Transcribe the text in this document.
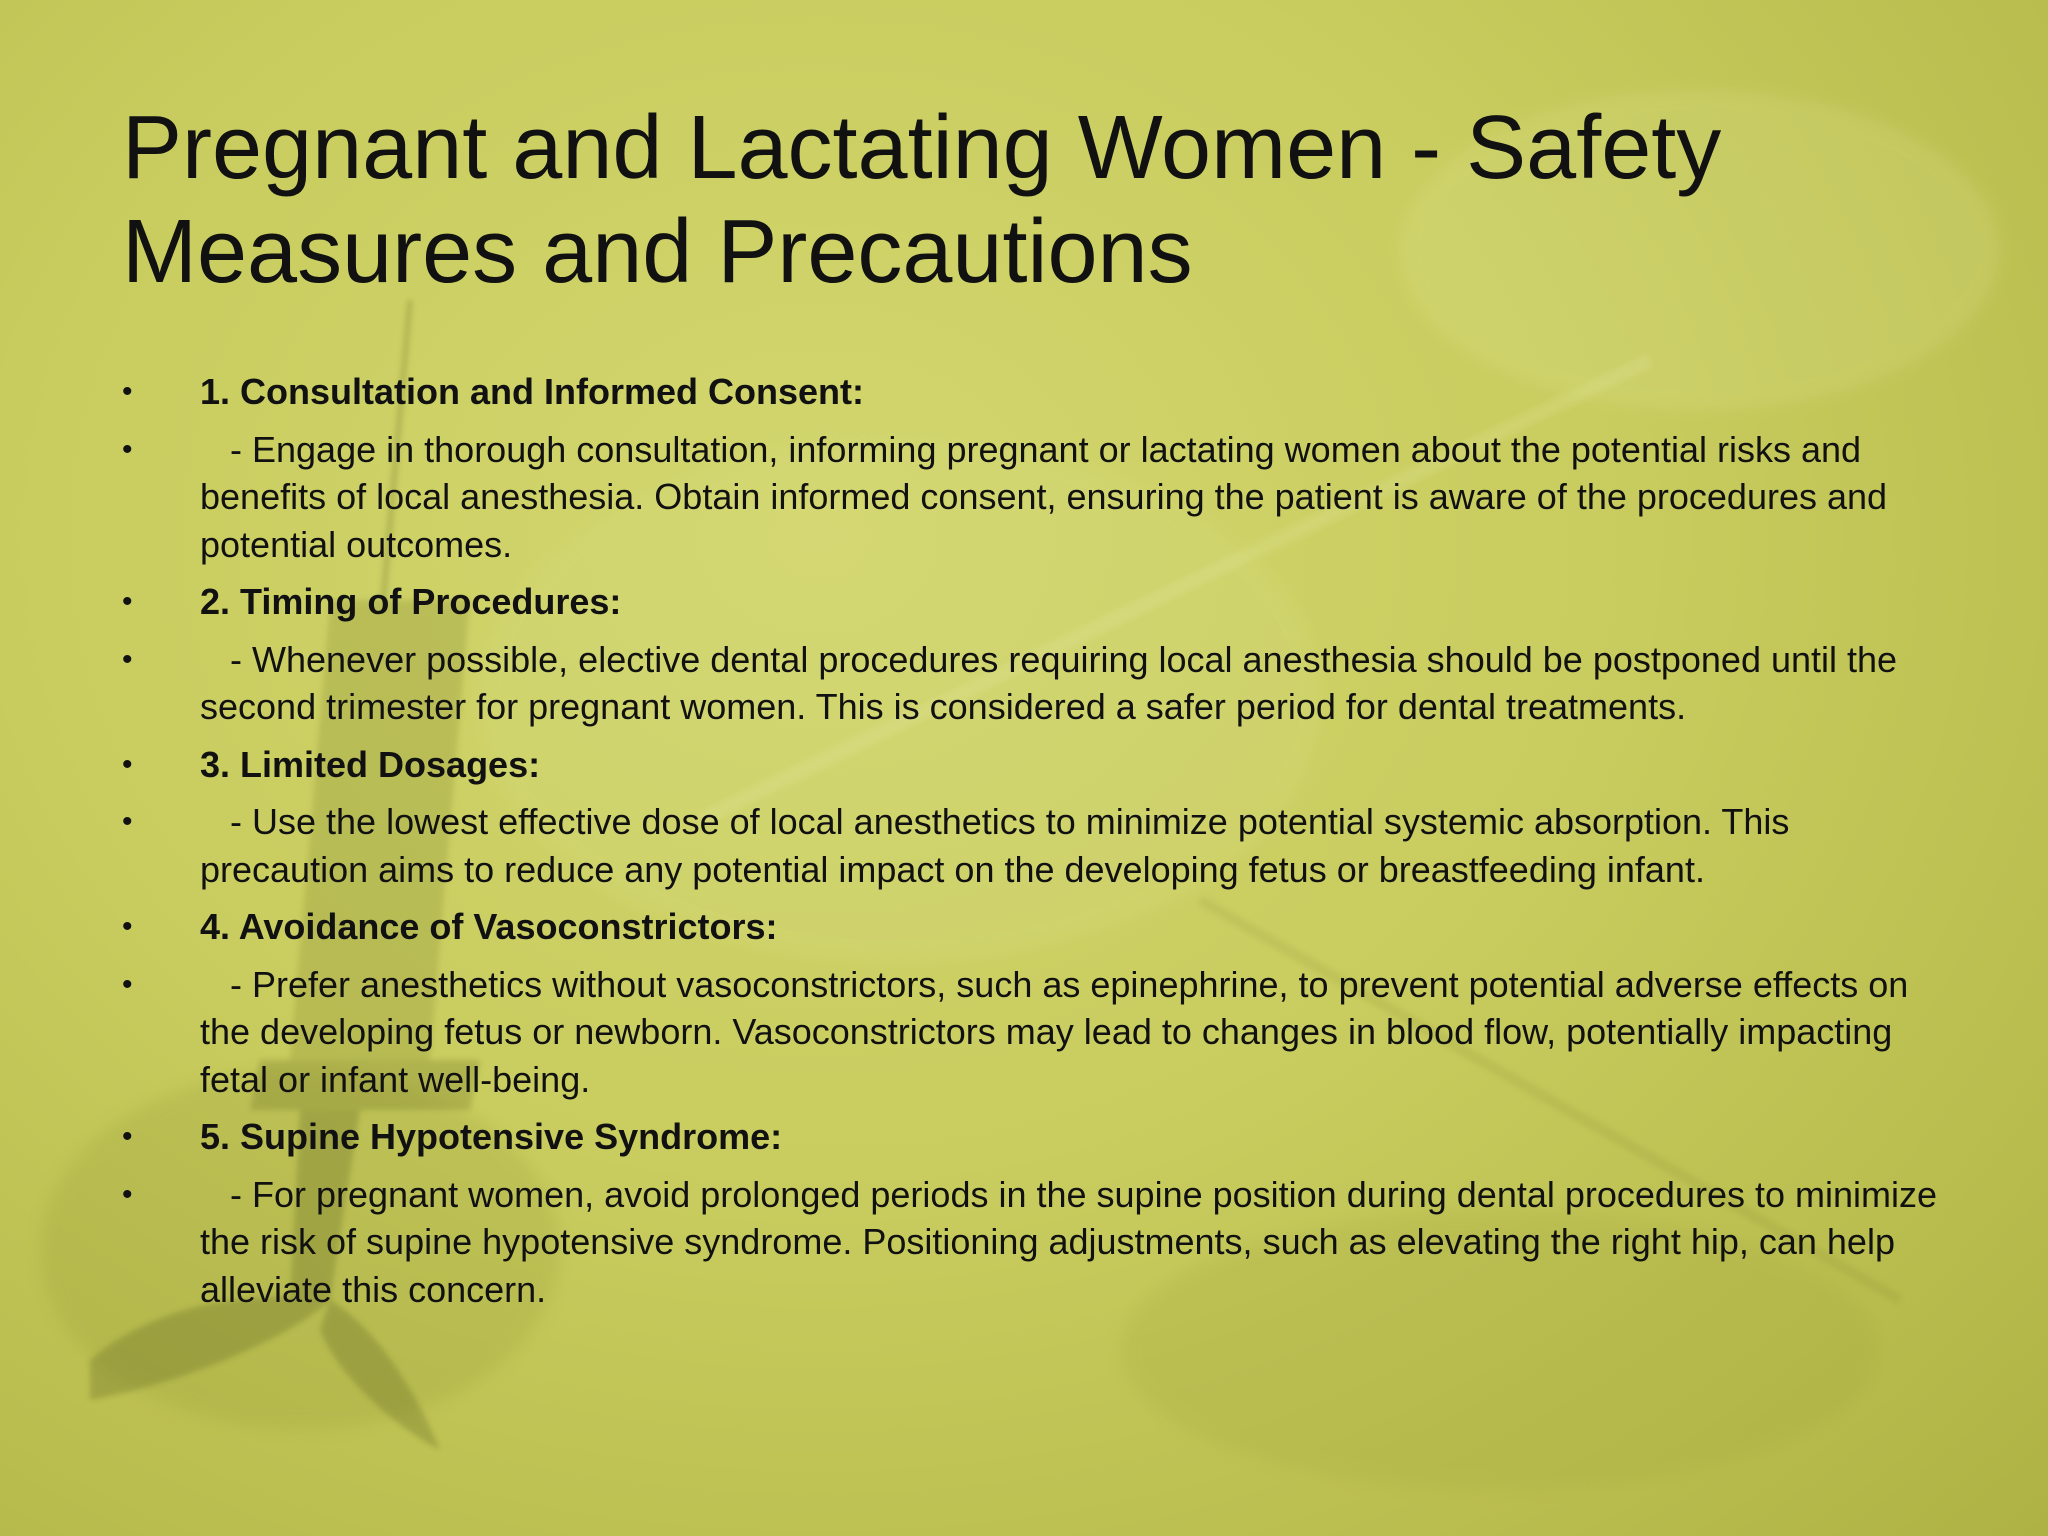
Pregnant and Lactating Women - Safety Measures and Precautions
•	1. Consultation and Informed Consent:
•	- Engage in thorough consultation, informing pregnant or lactating women about the potential risks and benefits of local anesthesia. Obtain informed consent, ensuring the patient is aware of the procedures and potential outcomes.
•	2. Timing of Procedures:
•	- Whenever possible, elective dental procedures requiring local anesthesia should be postponed until the second trimester for pregnant women. This is considered a safer period for dental treatments.
•	3. Limited Dosages:
•	- Use the lowest effective dose of local anesthetics to minimize potential systemic absorption. This precaution aims to reduce any potential impact on the developing fetus or breastfeeding infant.
•	4. Avoidance of Vasoconstrictors:
•	- Prefer anesthetics without vasoconstrictors, such as epinephrine, to prevent potential adverse effects on the developing fetus or newborn. Vasoconstrictors may lead to changes in blood flow, potentially impacting fetal or infant well-being.
•	5. Supine Hypotensive Syndrome:
•	- For pregnant women, avoid prolonged periods in the supine position during dental procedures to minimize the risk of supine hypotensive syndrome. Positioning adjustments, such as elevating the right hip, can help alleviate this concern.
